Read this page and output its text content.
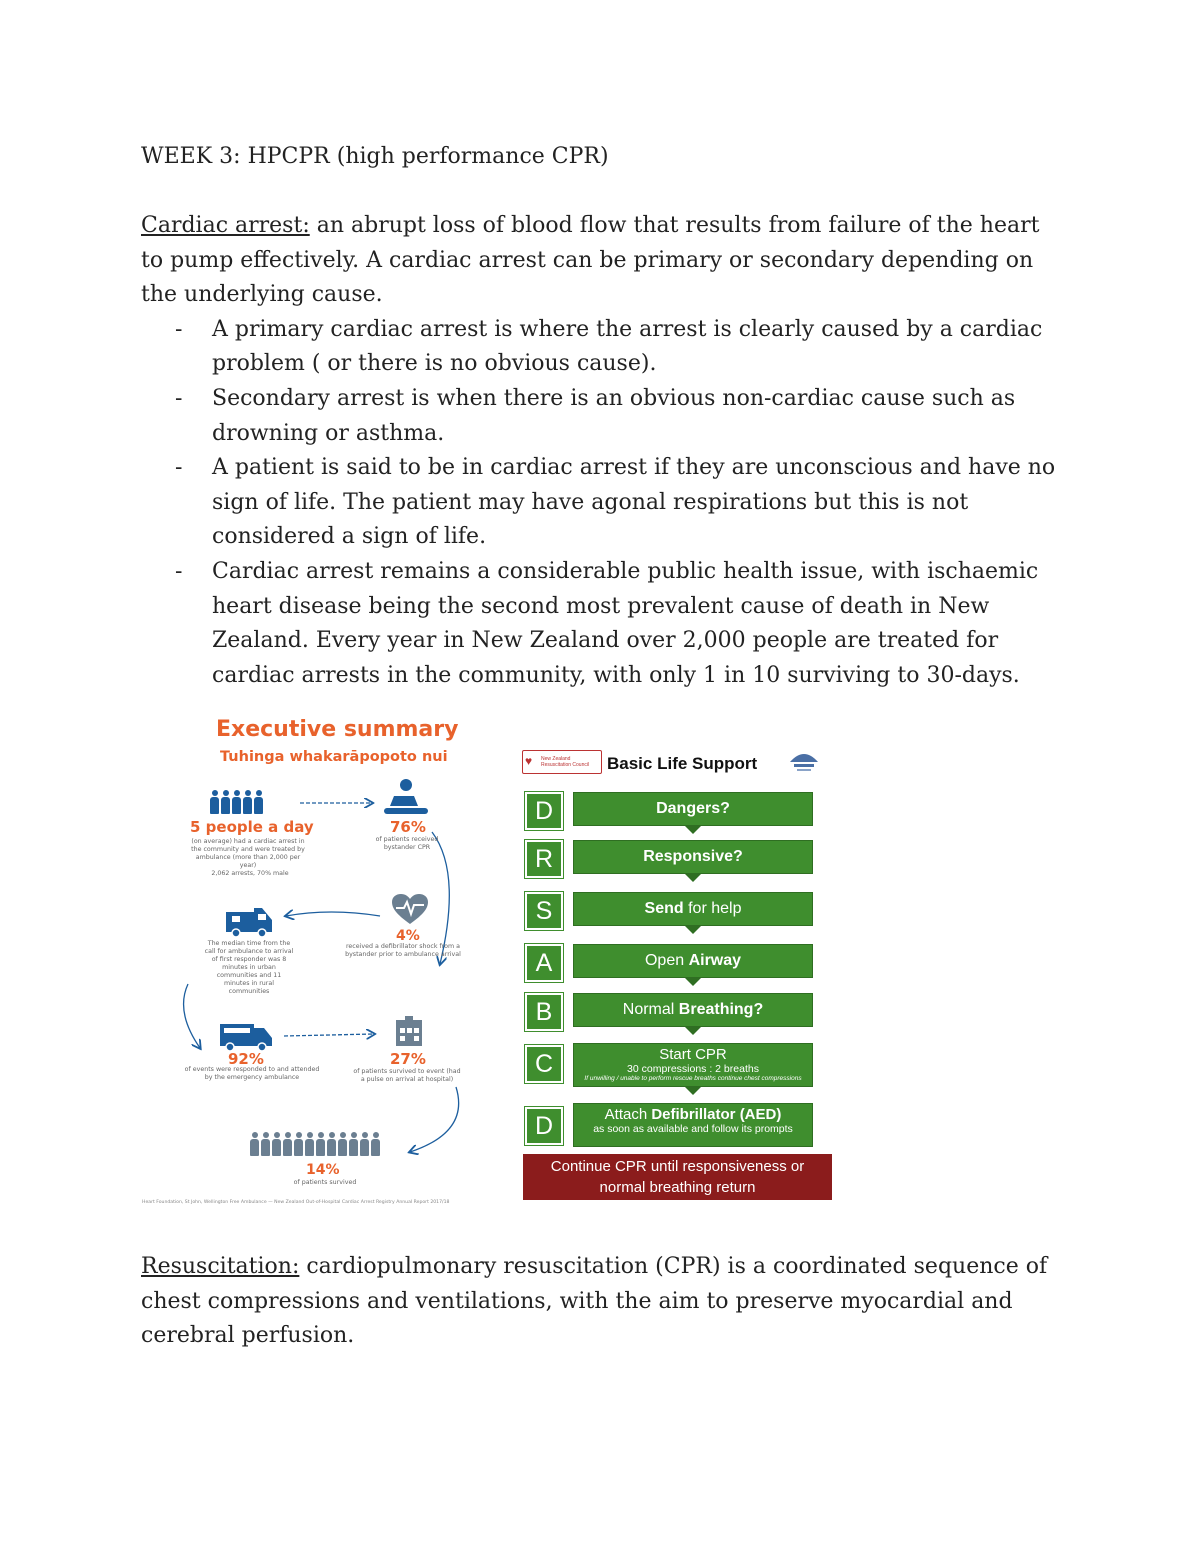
WEEK 3: HPCPR (high performance CPR)
Cardiac arrest: an abrupt loss of blood flow that results from failure of the heart to pump effectively. A cardiac arrest can be primary or secondary depending on the underlying cause.
- A primary cardiac arrest is where the arrest is clearly caused by a cardiac problem ( or there is no obvious cause).
- Secondary arrest is when there is an obvious non-cardiac cause such as drowning or asthma.
- A patient is said to be in cardiac arrest if they are unconscious and have no sign of life. The patient may have agonal respirations but this is not considered a sign of life.
- Cardiac arrest remains a considerable public health issue, with ischaemic heart disease being the second most prevalent cause of death in New Zealand. Every year in New Zealand over 2,000 people are treated for cardiac arrests in the community, with only 1 in 10 surviving to 30-days.
Executive summary
Tuhinga whakarāpopoto nui
5 people a day
(on average) had a cardiac arrest in the community and were treated by ambulance (more than 2,000 per year)
2,062 arrests, 70% male
76%
of patients received bystander CPR
4%
received a defibrillator shock from a bystander prior to ambulance arrival
The median time from the call for ambulance to arrival of first responder was 8 minutes in urban communities and 11 minutes in rural communities
92%
of events were responded to and attended by the emergency ambulance
27%
of patients survived to event (had a pulse on arrival at hospital)
14%
of patients survived
Heart Foundation, St John, Wellington Free Ambulance — New Zealand Out-of-Hospital Cardiac Arrest Registry Annual Report 2017/18
♥	New Zealand Resuscitation Council	Basic Life Support
D	Dangers?
R	Responsive?
S	Send for help
A	Open Airway
B	Normal Breathing?
C	Start CPR
30 compressions : 2 breaths
If unwilling / unable to perform rescue breaths continue chest compressions
D	Attach Defibrillator (AED)
as soon as available and follow its prompts
Continue CPR until responsiveness or
normal breathing return
Resuscitation: cardiopulmonary resuscitation (CPR) is a coordinated sequence of chest compressions and ventilations, with the aim to preserve myocardial and cerebral perfusion.
